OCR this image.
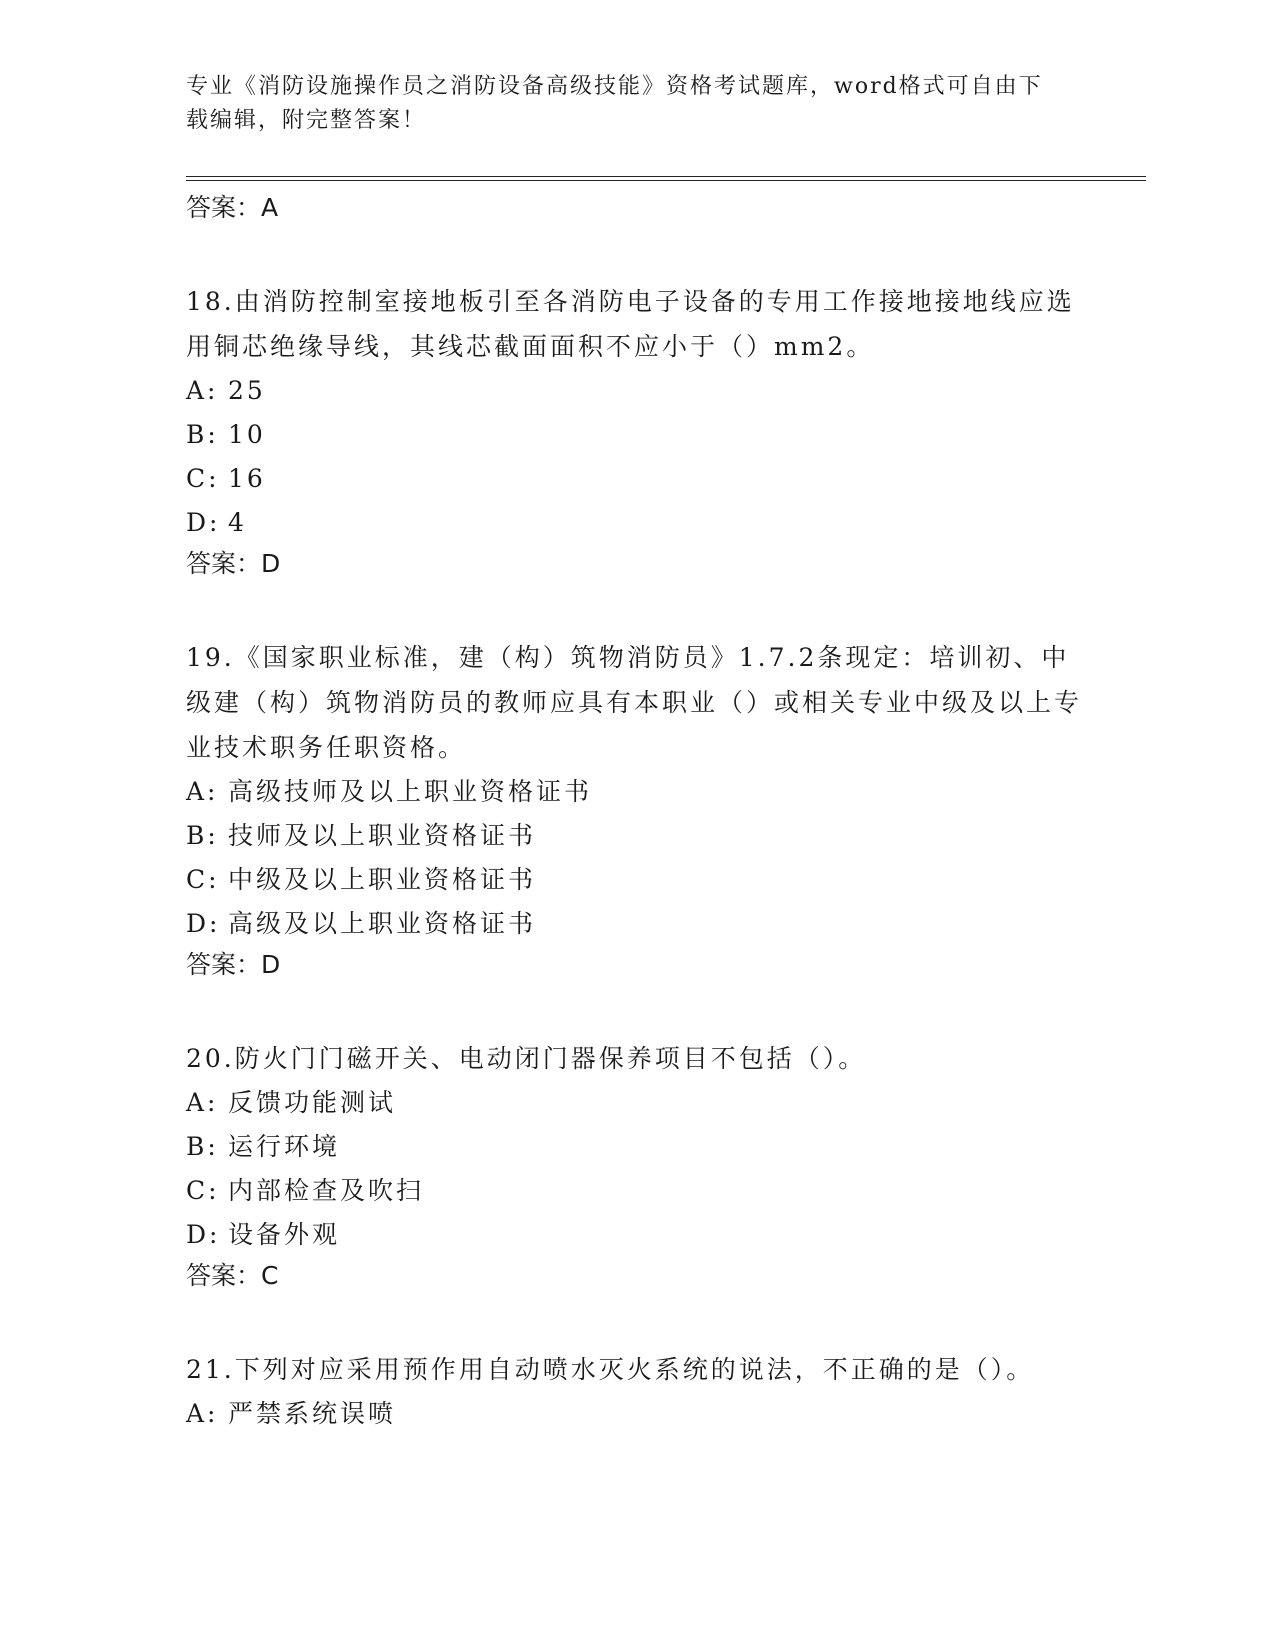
专业《消防设施操作员之消防设备高级技能》资格考试题库，word格式可自由下载编辑，附完整答案！

答案：A

18.由消防控制室接地板引至各消防电子设备的专用工作接地接地线应选用铜芯绝缘导线，其线芯截面面积不应小于（）mm2。

A: 25

B: 10

C: 16

D: 4

答案：D

19.《国家职业标准，建（构）筑物消防员》1.7.2条现定：培训初、中级建（构）筑物消防员的教师应具有本职业（）或相关专业中级及以上专业技术职务任职资格。

A: 高级技师及以上职业资格证书

B: 技师及以上职业资格证书

C: 中级及以上职业资格证书

D: 高级及以上职业资格证书

答案：D

20.防火门门磁开关、电动闭门器保养项目不包括（）。

A: 反馈功能测试

B: 运行环境

C: 内部检查及吹扫

D: 设备外观

答案：C

21.下列对应采用预作用自动喷水灭火系统的说法，不正确的是（）。

A: 严禁系统误喷
